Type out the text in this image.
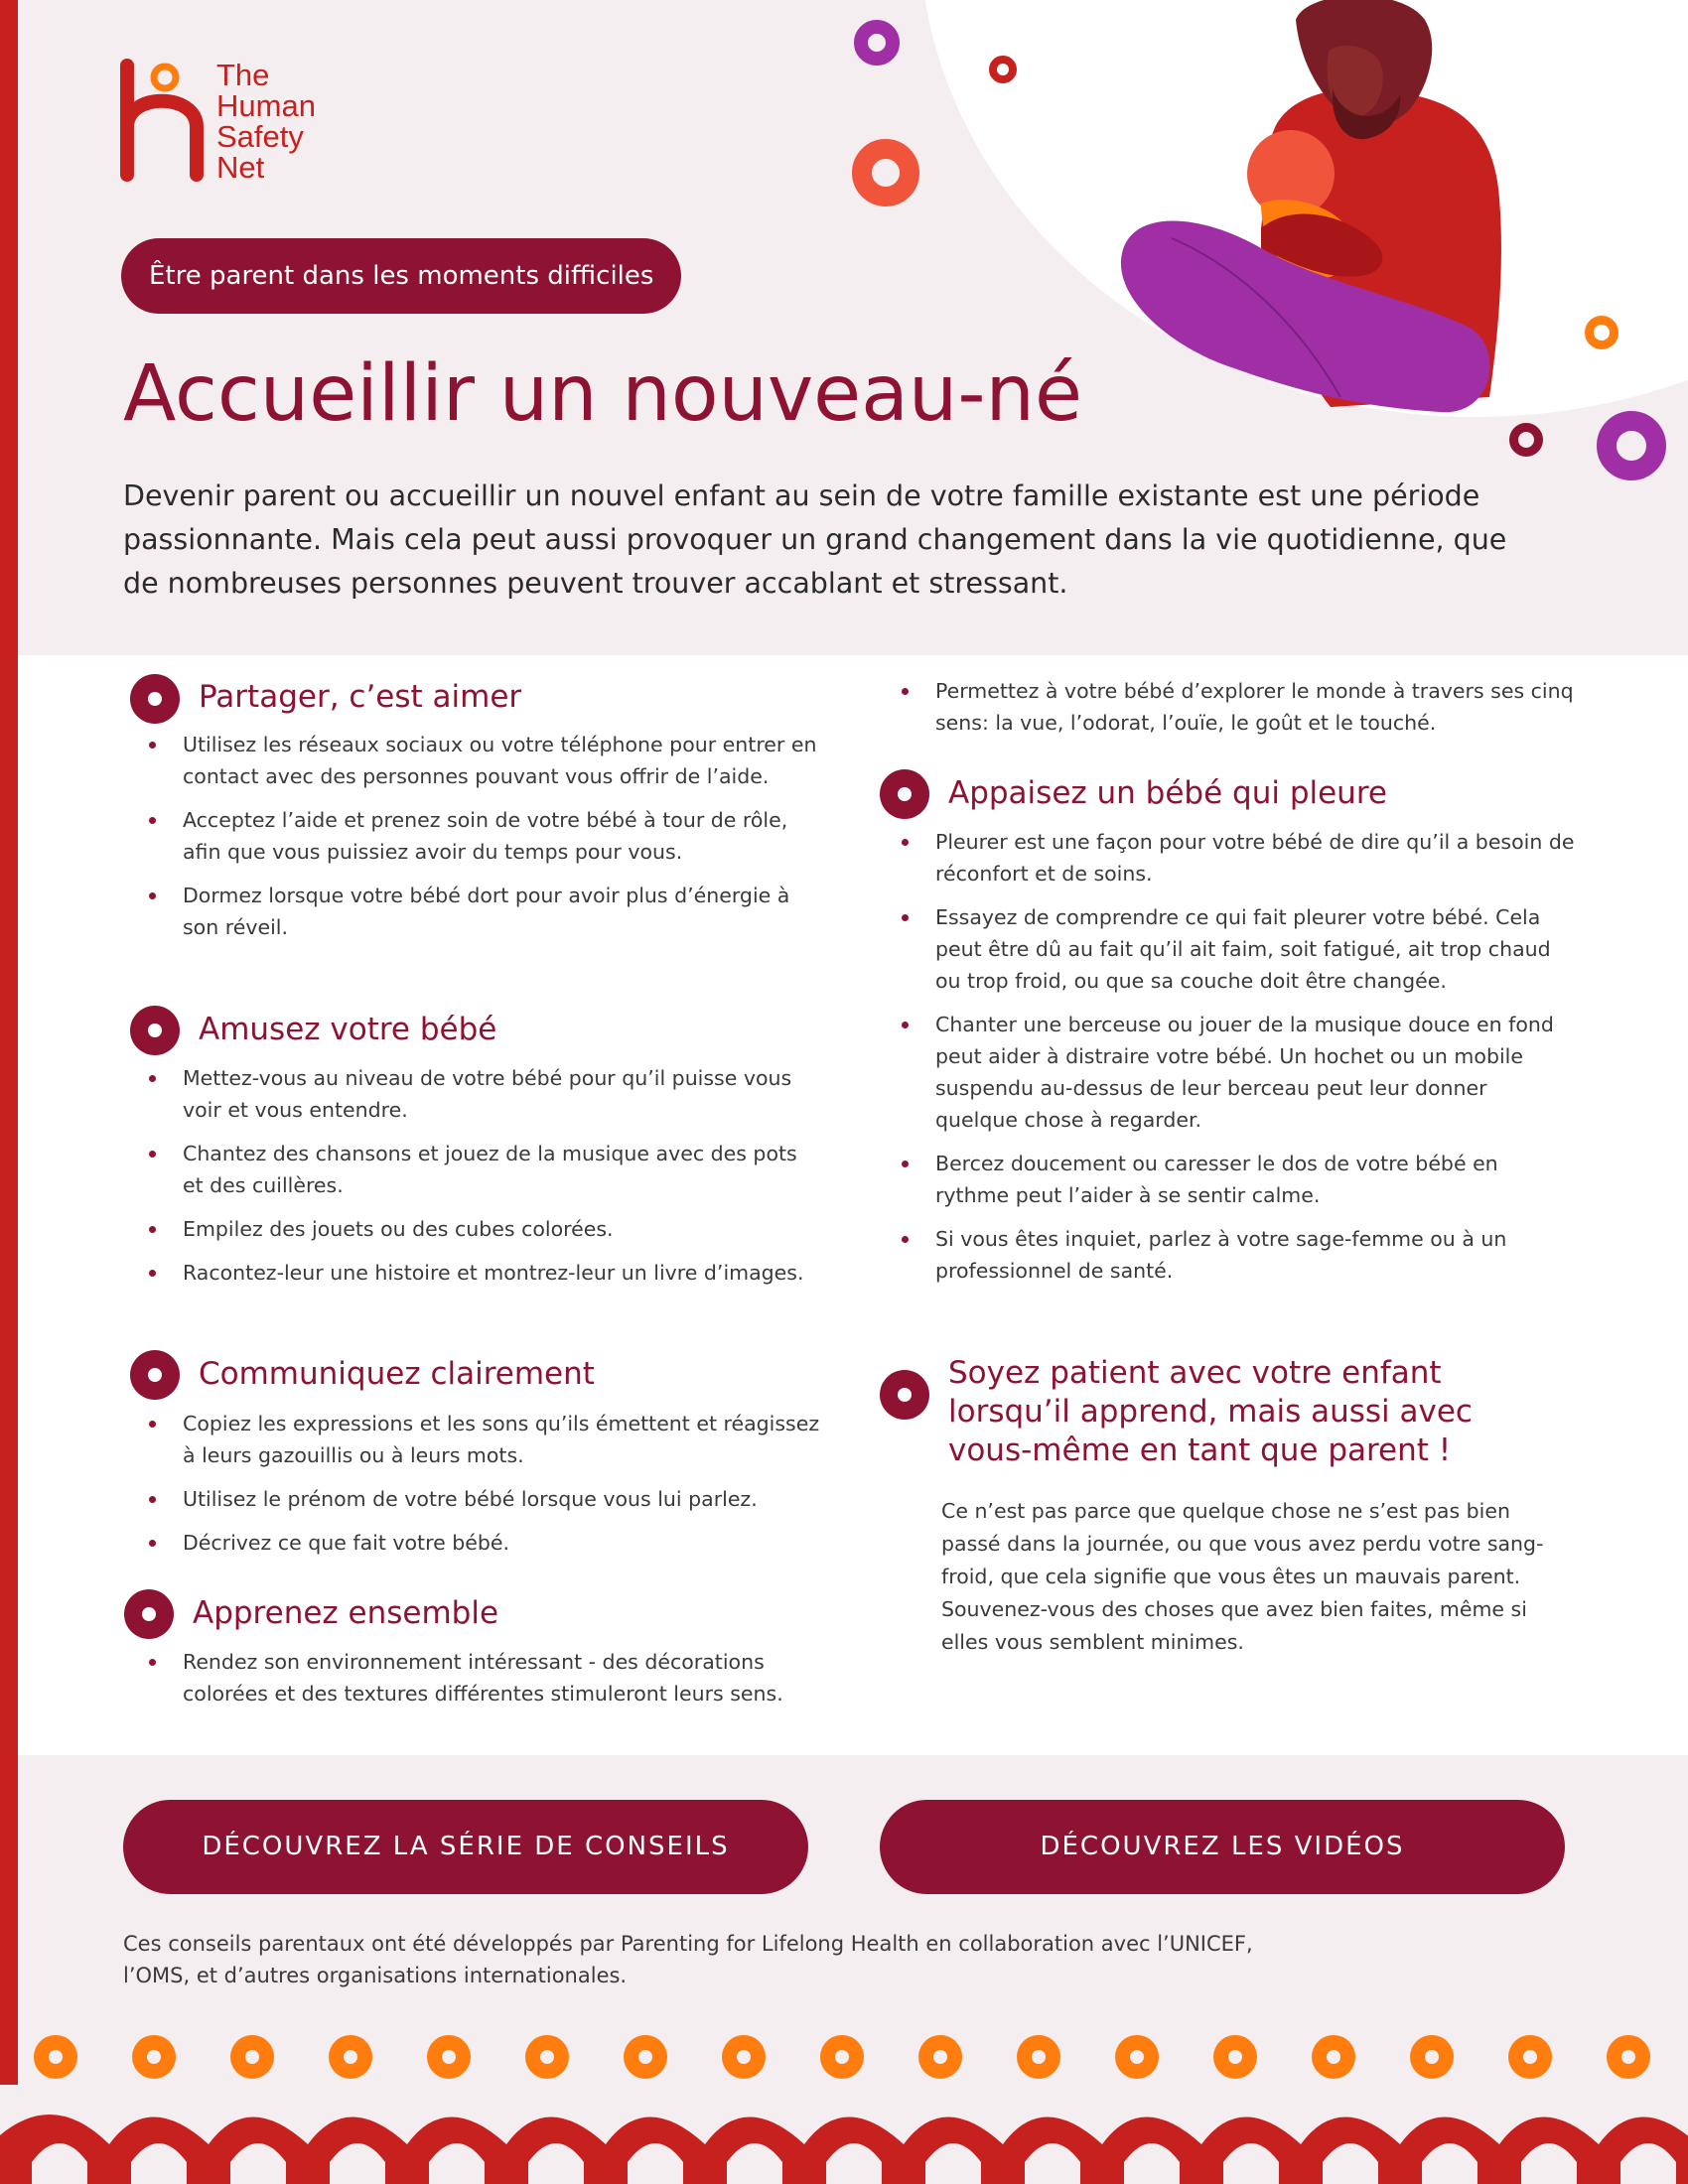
The
Human
Safety
Net
Être parent dans les moments difficiles
Accueillir un nouveau-né

Devenir parent ou accueillir un nouvel enfant au sein de votre famille existante est une période passionnante. Mais cela peut aussi provoquer un grand changement dans la vie quotidienne, que de nombreuses personnes peuvent trouver accablant et stressant.

Partager, c’est aimer
Utilisez les réseaux sociaux ou votre téléphone pour entrer en contact avec des personnes pouvant vous offrir de l’aide.
Acceptez l’aide et prenez soin de votre bébé à tour de rôle, afin que vous puissiez avoir du temps pour vous.
Dormez lorsque votre bébé dort pour avoir plus d’énergie à son réveil.
Amusez votre bébé
Mettez-vous au niveau de votre bébé pour qu’il puisse vous voir et vous entendre.
Chantez des chansons et jouez de la musique avec des pots et des cuillères.
Empilez des jouets ou des cubes colorées.
Racontez-leur une histoire et montrez-leur un livre d’images.
Communiquez clairement
Copiez les expressions et les sons qu’ils émettent et réagissez à leurs gazouillis ou à leurs mots.
Utilisez le prénom de votre bébé lorsque vous lui parlez.
Décrivez ce que fait votre bébé.
Apprenez ensemble
Rendez son environnement intéressant - des décorations colorées et des textures différentes stimuleront leurs sens.
Permettez à votre bébé d’explorer le monde à travers ses cinq sens: la vue, l’odorat, l’ouïe, le goût et le touché.
Appaisez un bébé qui pleure
Pleurer est une façon pour votre bébé de dire qu’il a besoin de réconfort et de soins.
Essayez de comprendre ce qui fait pleurer votre bébé. Cela peut être dû au fait qu’il ait faim, soit fatigué, ait trop chaud ou trop froid, ou que sa couche doit être changée.
Chanter une berceuse ou jouer de la musique douce en fond peut aider à distraire votre bébé. Un hochet ou un mobile suspendu au-dessus de leur berceau peut leur donner quelque chose à regarder.
Bercez doucement ou caresser le dos de votre bébé en rythme peut l’aider à se sentir calme.
Si vous êtes inquiet, parlez à votre sage-femme ou à un professionnel de santé.
Soyez patient avec votre enfant lorsqu’il apprend, mais aussi avec vous-même en tant que parent !

Ce n’est pas parce que quelque chose ne s’est pas bien passé dans la journée, ou que vous avez perdu votre sang-froid, que cela signifie que vous êtes un mauvais parent. Souvenez-vous des choses que avez bien faites, même si elles vous semblent minimes.

DÉCOUVREZ LA SÉRIE DE CONSEILS	DÉCOUVREZ LES VIDÉOS

Ces conseils parentaux ont été développés par Parenting for Lifelong Health en collaboration avec l’UNICEF, l’OMS, et d’autres organisations internationales.
